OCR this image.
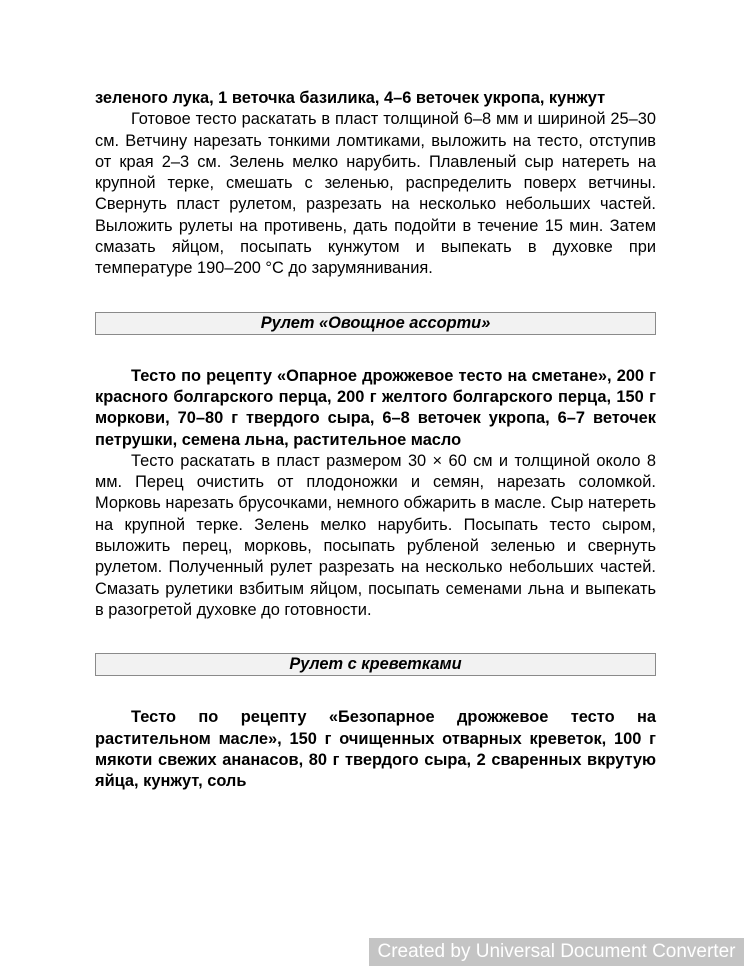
зеленого лука, 1 веточка базилика, 4–6 веточек укропа, кунжут

Готовое тесто раскатать в пласт толщиной 6–8 мм и шириной 25–30 см. Ветчину нарезать тонкими ломтиками, выложить на тесто, отступив от края 2–3 см. Зелень мелко нарубить. Плавленый сыр натереть на крупной терке, смешать с зеленью, распределить поверх ветчины. Свернуть пласт рулетом, разрезать на несколько небольших частей. Выложить рулеты на противень, дать подойти в течение 15 мин. Затем смазать яйцом, посыпать кунжутом и выпекать в духовке при температуре 190–200 °С до зарумянивания.

Рулет «Овощное ассорти»

Тесто по рецепту «Опарное дрожжевое тесто на сметане», 200 г красного болгарского перца, 200 г желтого болгарского перца, 150 г моркови, 70–80 г твердого сыра, 6–8 веточек укропа, 6–7 веточек петрушки, семена льна, растительное масло

Тесто раскатать в пласт размером 30 × 60 см и толщиной около 8 мм. Перец очистить от плодоножки и семян, нарезать соломкой. Морковь нарезать брусочками, немного обжарить в масле. Сыр натереть на крупной терке. Зелень мелко нарубить. Посыпать тесто сыром, выложить перец, морковь, посыпать рубленой зеленью и свернуть рулетом. Полученный рулет разрезать на несколько небольших частей. Смазать рулетики взбитым яйцом, посыпать семенами льна и выпекать в разогретой духовке до готовности.

Рулет с креветками

Тесто по рецепту «Безопарное дрожжевое тесто на растительном масле», 150 г очищенных отварных креветок, 100 г мякоти свежих ананасов, 80 г твердого сыра, 2 сваренных вкрутую яйца, кунжут, соль

Created by Universal Document Converter
